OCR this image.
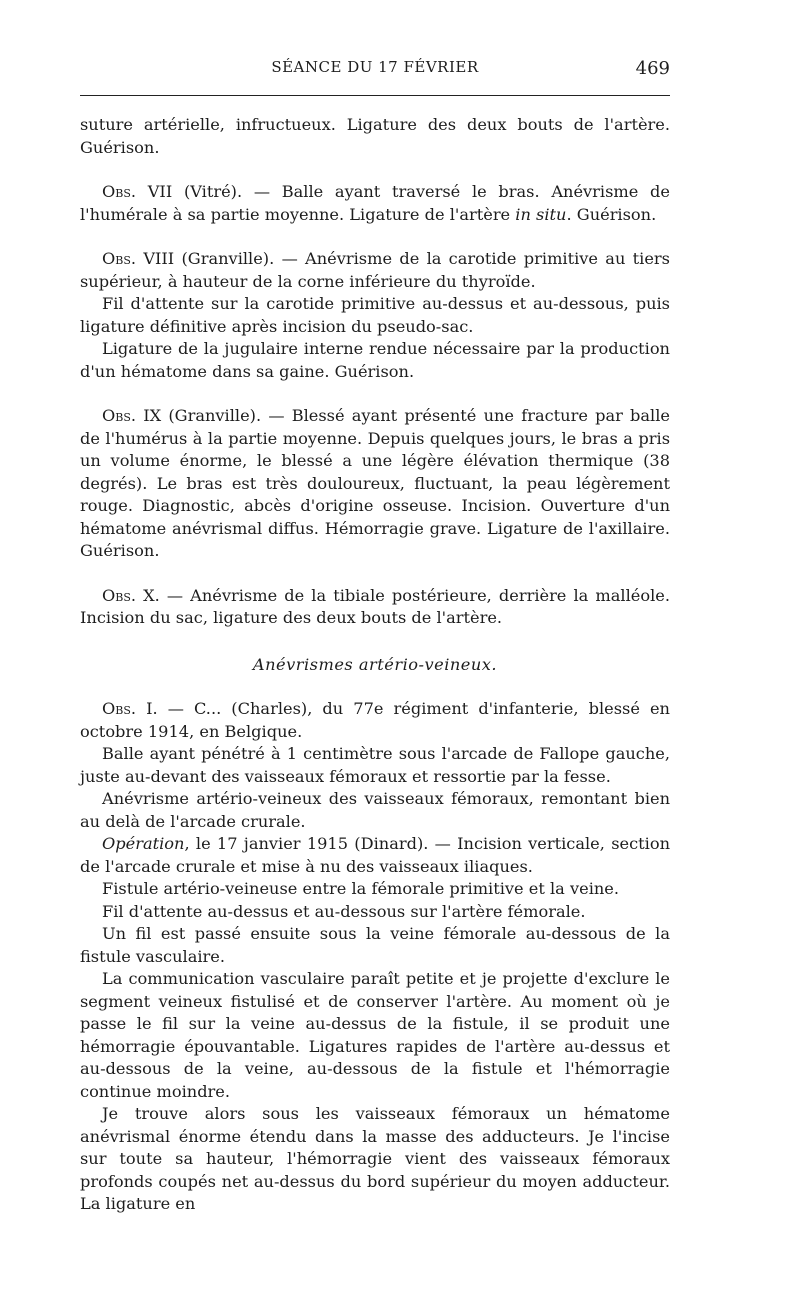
SÉANCE DU 17 FÉVRIER	469

suture artérielle, infructueux. Ligature des deux bouts de l'artère. Guérison.

Obs. VII (Vitré). — Balle ayant traversé le bras. Anévrisme de l'humérale à sa partie moyenne. Ligature de l'artère in situ. Guérison.

Obs. VIII (Granville). — Anévrisme de la carotide primitive au tiers supérieur, à hauteur de la corne inférieure du thyroïde.

Fil d'attente sur la carotide primitive au-dessus et au-dessous, puis ligature définitive après incision du pseudo-sac.

Ligature de la jugulaire interne rendue nécessaire par la production d'un hématome dans sa gaine. Guérison.

Obs. IX (Granville). — Blessé ayant présenté une fracture par balle de l'humérus à la partie moyenne. Depuis quelques jours, le bras a pris un volume énorme, le blessé a une légère élévation thermique (38 degrés). Le bras est très douloureux, fluctuant, la peau légèrement rouge. Diagnostic, abcès d'origine osseuse. Incision. Ouverture d'un hématome anévrismal diffus. Hémorragie grave. Ligature de l'axillaire. Guérison.

Obs. X. — Anévrisme de la tibiale postérieure, derrière la malléole. Incision du sac, ligature des deux bouts de l'artère.

Anévrismes artério-veineux.

Obs. I. — C... (Charles), du 77e régiment d'infanterie, blessé en octobre 1914, en Belgique.

Balle ayant pénétré à 1 centimètre sous l'arcade de Fallope gauche, juste au-devant des vaisseaux fémoraux et ressortie par la fesse.

Anévrisme artério-veineux des vaisseaux fémoraux, remontant bien au delà de l'arcade crurale.

Opération, le 17 janvier 1915 (Dinard). — Incision verticale, section de l'arcade crurale et mise à nu des vaisseaux iliaques.

Fistule artério-veineuse entre la fémorale primitive et la veine.

Fil d'attente au-dessus et au-dessous sur l'artère fémorale.

Un fil est passé ensuite sous la veine fémorale au-dessous de la fistule vasculaire.

La communication vasculaire paraît petite et je projette d'exclure le segment veineux fistulisé et de conserver l'artère. Au moment où je passe le fil sur la veine au-dessus de la fistule, il se produit une hémorragie épouvantable. Ligatures rapides de l'artère au-dessus et au-dessous de la veine, au-dessous de la fistule et l'hémorragie continue moindre.

Je trouve alors sous les vaisseaux fémoraux un hématome anévrismal énorme étendu dans la masse des adducteurs. Je l'incise sur toute sa hauteur, l'hémorragie vient des vaisseaux fémoraux profonds coupés net au-dessus du bord supérieur du moyen adducteur. La ligature en
